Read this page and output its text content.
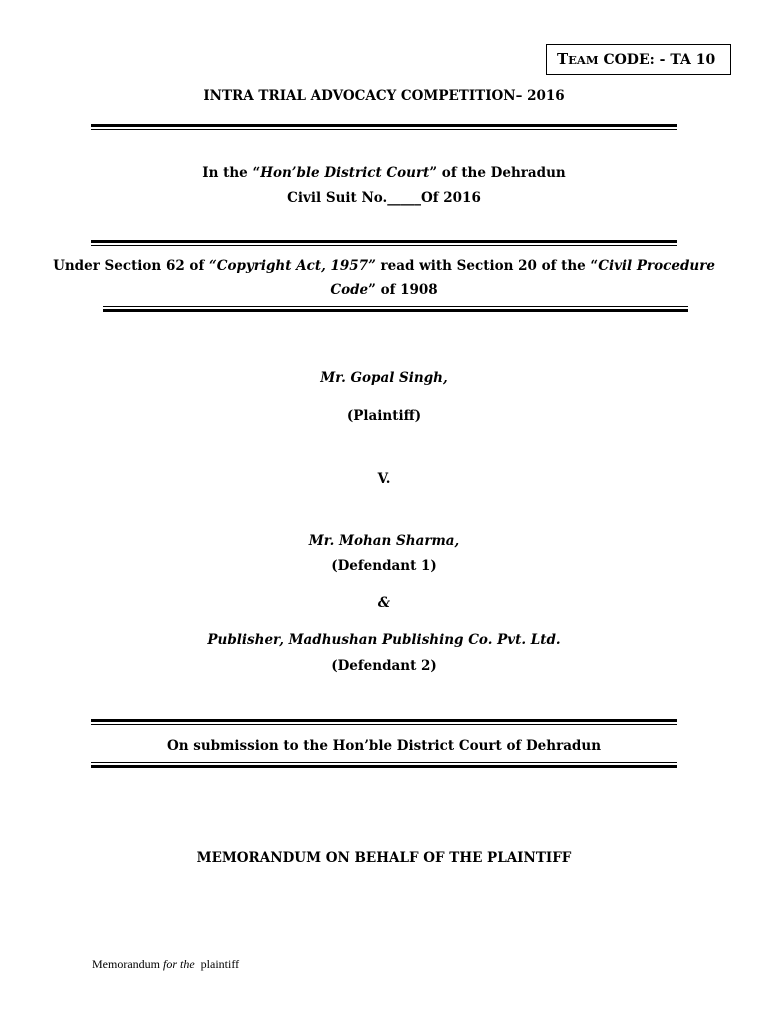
TEAM CODE: - TA 10
INTRA TRIAL ADVOCACY COMPETITION– 2016
In the “Hon’ble District Court” of the Dehradun
Civil Suit No._____Of 2016
Under Section 62 of “Copyright Act, 1957” read with Section 20 of the “Civil Procedure
Code” of 1908
Mr. Gopal Singh,
(Plaintiff)
V.
Mr. Mohan Sharma,
(Defendant 1)
&
Publisher, Madhushan Publishing Co. Pvt. Ltd.
(Defendant 2)
On submission to the Hon’ble District Court of Dehradun
MEMORANDUM ON BEHALF OF THE PLAINTIFF
Memorandum for the  plaintiff
